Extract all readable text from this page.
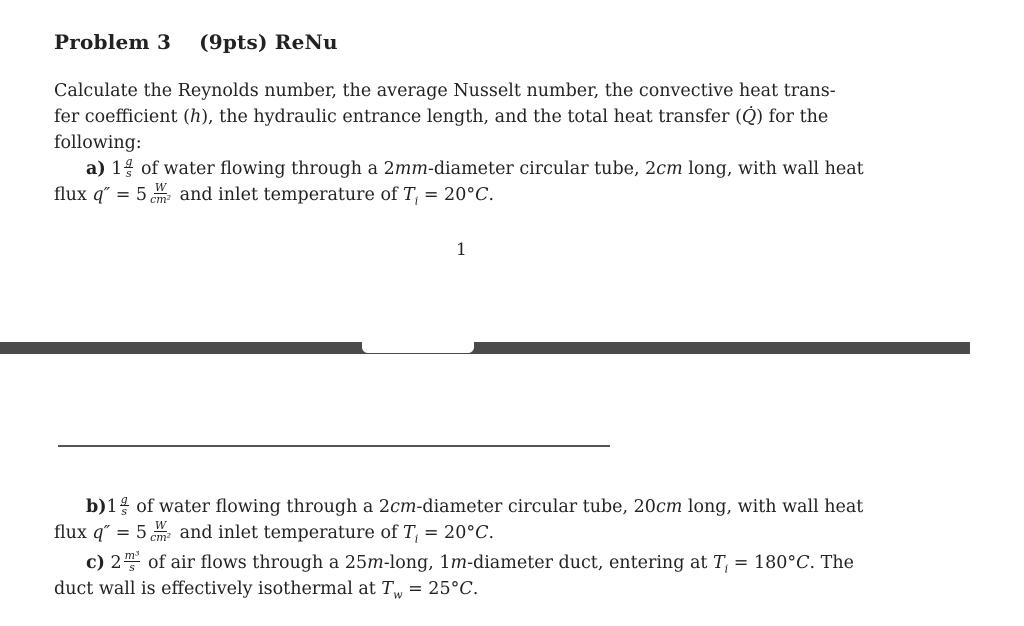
Problem 3 (9pts) ReNu
Calculate the Reynolds number, the average Nusselt number, the convective heat trans-
fer coefficient (h), the hydraulic entrance length, and the total heat transfer (Q̇) for the
following:
a) $1 \frac{g}{s}$ of water flowing through a 2mm-diameter circular tube, 2cm long, with wall heat
flux $q'' = 5 \frac{W}{\text{cm²}}$ and inlet temperature of $T_i = 20^\circ C$.
1
$b)1 \frac{g}{s}$ of water flowing through a 2cm-diameter circular tube, 20cm long, with wall heat
flux $q'' = 5 \frac{W}{\text{cm²}}$ and inlet temperature of $T_i = 20^\circ C$.
c) $2 \frac{\text{m³}}{s}$ of air flows through a 25m-long, 1m-diameter duct, entering at $T_i = 180^\circ C$. The
duct wall is effectively isothermal at $T_w = 25^\circ C$.
